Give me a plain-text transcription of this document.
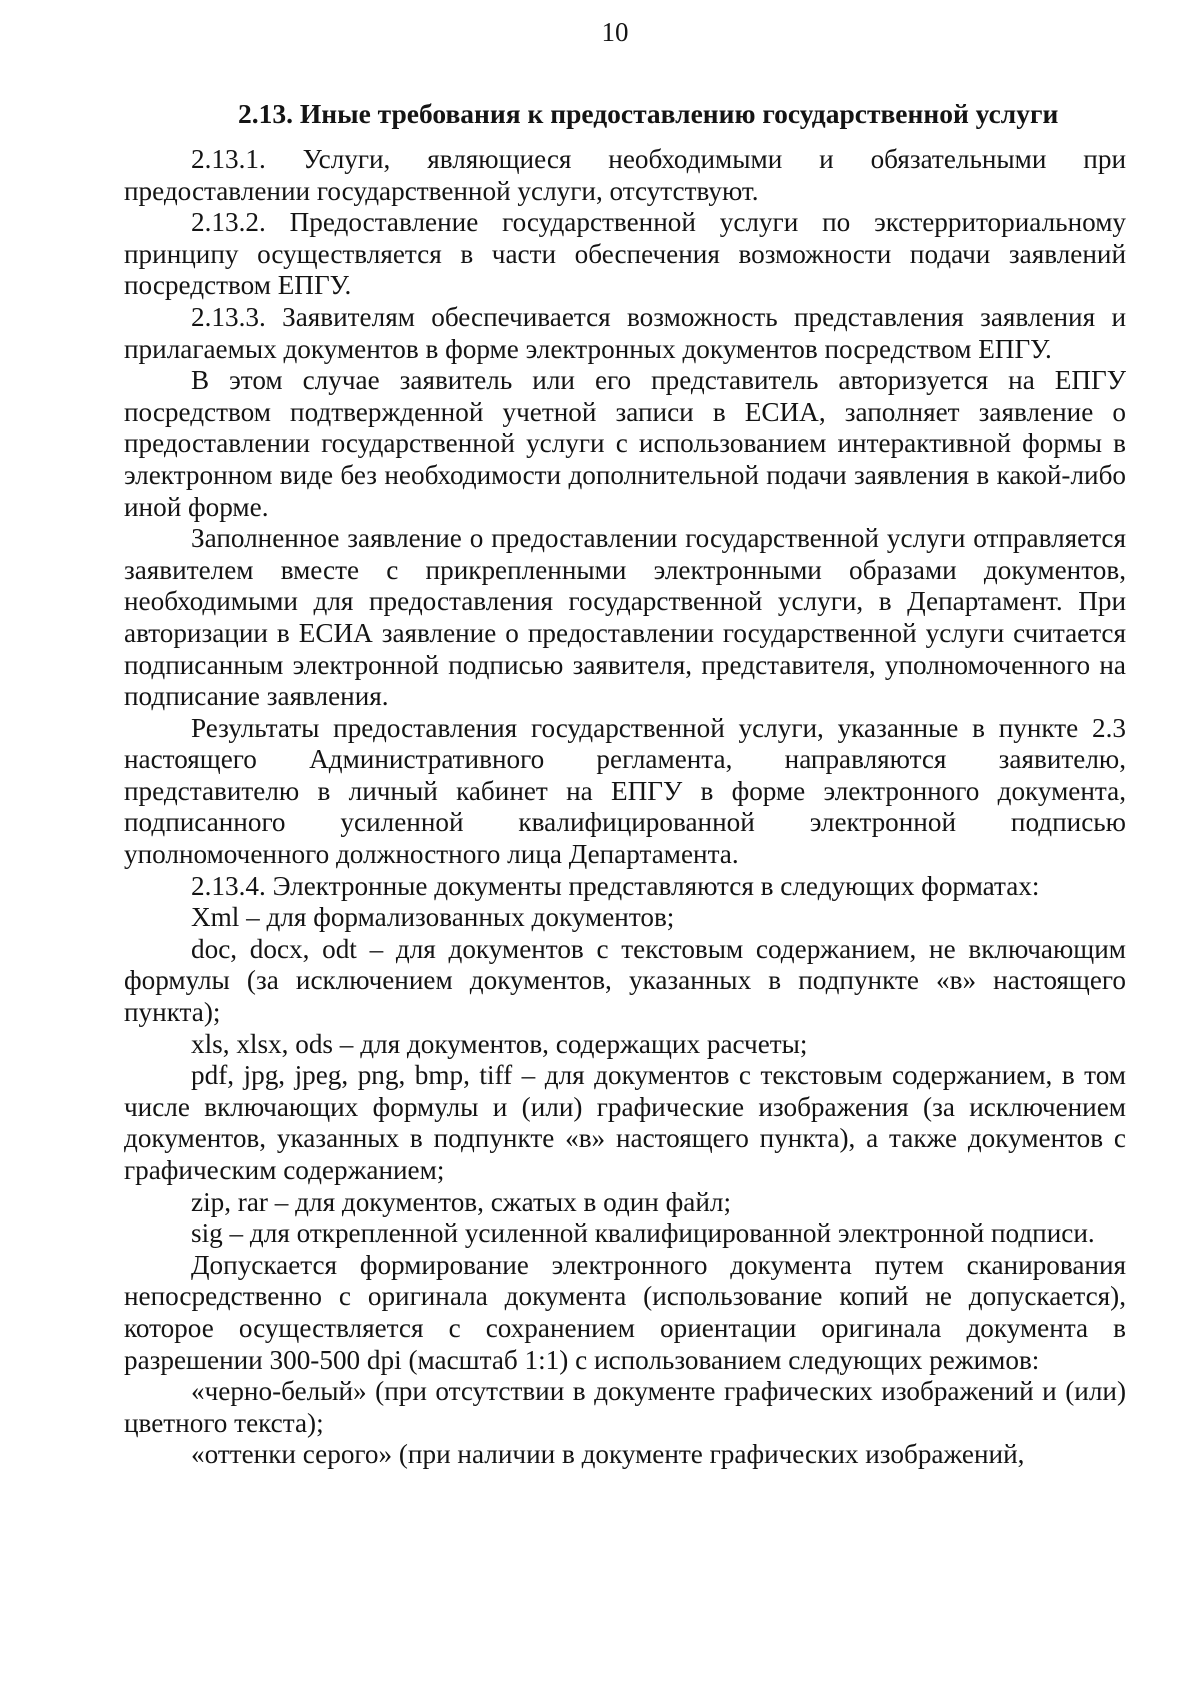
10
2.13. Иные требования к предоставлению государственной услуги

2.13.1. Услуги, являющиеся необходимыми и обязательными при предоставлении государственной услуги, отсутствуют.

2.13.2. Предоставление государственной услуги по экстерриториальному принципу осуществляется в части обеспечения возможности подачи заявлений посредством ЕПГУ.

2.13.3. Заявителям обеспечивается возможность представления заявления и прилагаемых документов в форме электронных документов посредством ЕПГУ.

В этом случае заявитель или его представитель авторизуется на ЕПГУ посредством подтвержденной учетной записи в ЕСИА, заполняет заявление о предоставлении государственной услуги с использованием интерактивной формы в электронном виде без необходимости дополнительной подачи заявления в какой-либо иной форме.

Заполненное заявление о предоставлении государственной услуги отправляется заявителем вместе с прикрепленными электронными образами документов, необходимыми для предоставления государственной услуги, в Департамент. При авторизации в ЕСИА заявление о предоставлении государственной услуги считается подписанным электронной подписью заявителя, представителя, уполномоченного на подписание заявления.

Результаты предоставления государственной услуги, указанные в пункте 2.3 настоящего Административного регламента, направляются заявителю, представителю в личный кабинет на ЕПГУ в форме электронного документа, подписанного усиленной квалифицированной электронной подписью уполномоченного должностного лица Департамента.

2.13.4. Электронные документы представляются в следующих форматах:

Xml – для формализованных документов;

doc, docx, odt – для документов с текстовым содержанием, не включающим формулы (за исключением документов, указанных в подпункте «в» настоящего пункта);

xls, xlsx, ods – для документов, содержащих расчеты;

pdf, jpg, jpeg, png, bmp, tiff – для документов с текстовым содержанием, в том числе включающих формулы и (или) графические изображения (за исключением документов, указанных в подпункте «в» настоящего пункта), а также документов с графическим содержанием;

zip, rar – для документов, сжатых в один файл;

sig – для открепленной усиленной квалифицированной электронной подписи.

Допускается формирование электронного документа путем сканирования непосредственно с оригинала документа (использование копий не допускается), которое осуществляется с сохранением ориентации оригинала документа в разрешении 300-500 dpi (масштаб 1:1) с использованием следующих режимов:

«черно-белый» (при отсутствии в документе графических изображений и (или) цветного текста);

«оттенки серого» (при наличии в документе графических изображений,
